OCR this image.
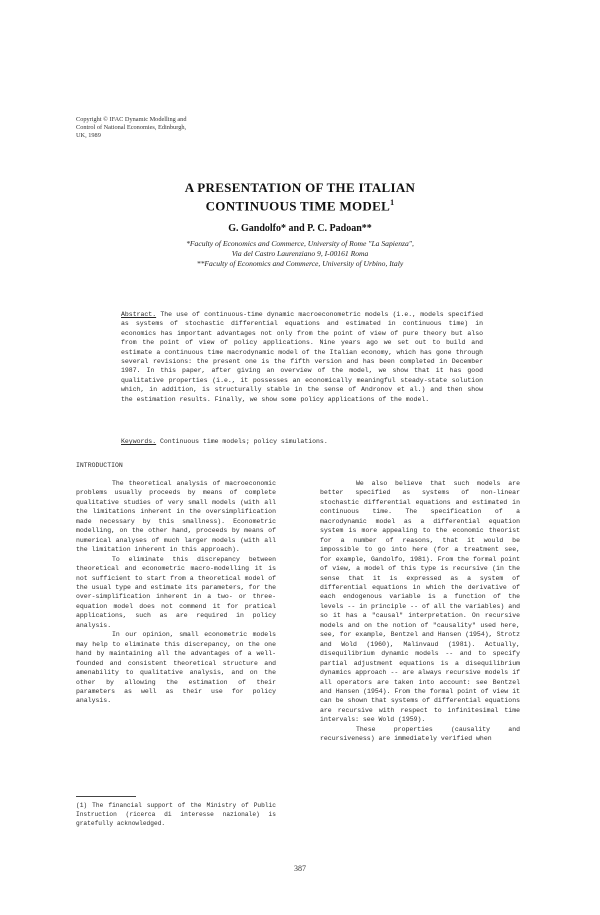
Copyright © IFAC Dynamic Modelling and
Control of National Economies, Edinburgh,
UK, 1989
A PRESENTATION OF THE ITALIAN
CONTINUOUS TIME MODEL$^1$
G. Gandolfo* and P. C. Padoan**
*Faculty of Economics and Commerce, University of Rome "La Sapienza",
Via del Castro Laurenziano 9, I-00161 Roma
**Faculty of Economics and Commerce, University of Urbino, Italy
Abstract. The use of continuous-time dynamic macroeconometric models (i.e., models specified as systems of stochastic differential equations and estimated in continuous time) in economics has important advantages not only from the point of view of pure theory but also from the point of view of policy applications. Nine years ago we set out to build and estimate a continuous time macrodynamic model of the Italian economy, which has gone through several revisions: the present one is the fifth version and has been completed in December 1987. In this paper, after giving an overview of the model, we show that it has good qualitative properties (i.e., it possesses an economically meaningful steady-state solution which, in addition, is structurally stable in the sense of Andronov et al.) and then show the estimation results. Finally, we show some policy applications of the model.
Keywords. Continuous time models; policy simulations.
INTRODUCTION

The theoretical analysis of macroeconomic problems usually proceeds by means of complete qualitative studies of very small models (with all the limitations inherent in the oversimplification made necessary by this smallness). Econometric modelling, on the other hand, proceeds by means of numerical analyses of much larger models (with all the limitation inherent in this approach).

To eliminate this discrepancy between theoretical and econometric macro-modelling it is not sufficient to start from a theoretical model of the usual type and estimate its parameters, for the over-simplification inherent in a two- or three-equation model does not commend it for pratical applications, such as are required in policy analysis.

In our opinion, small econometric models may help to eliminate this discrepancy, on the one hand by maintaining all the advantages of a well-founded and consistent theoretical structure and amenability to qualitative analysis, and on the other by allowing the estimation of their parameters as well as their use for policy analysis.

(1) The financial support of the Ministry of Public Instruction (ricerca di interesse nazionale) is gratefully acknowledged.

We also believe that such models are better specified as systems of non-linear stochastic differential equations and estimated in continuous time. The specification of a macrodynamic model as a differential equation system is more appealing to the economic theorist for a number of reasons, that it would be impossible to go into here (for a treatment see, for example, Gandolfo, 1981). From the formal point of view, a model of this type is recursive (in the sense that it is expressed as a system of differential equations in which the derivative of each endogenous variable is a function of the levels -- in principle -- of all the variables) and so it has a "causal" interpretation. On recursive models and on the notion of "causality" used here, see, for example, Bentzel and Hansen (1954), Strotz and Wold (1960), Malinvaud (1981). Actually, disequilibrium dynamic models -- and to specify partial adjustment equations is a disequilibrium dynamics approach -- are always recursive models if all operators are taken into account: see Bentzel and Hansen (1954). From the formal point of view it can be shown that systems of differential equations are recursive with respect to infinitesimal time intervals: see Wold (1959).

These properties (causality and recursiveness) are immediately verified when

387
